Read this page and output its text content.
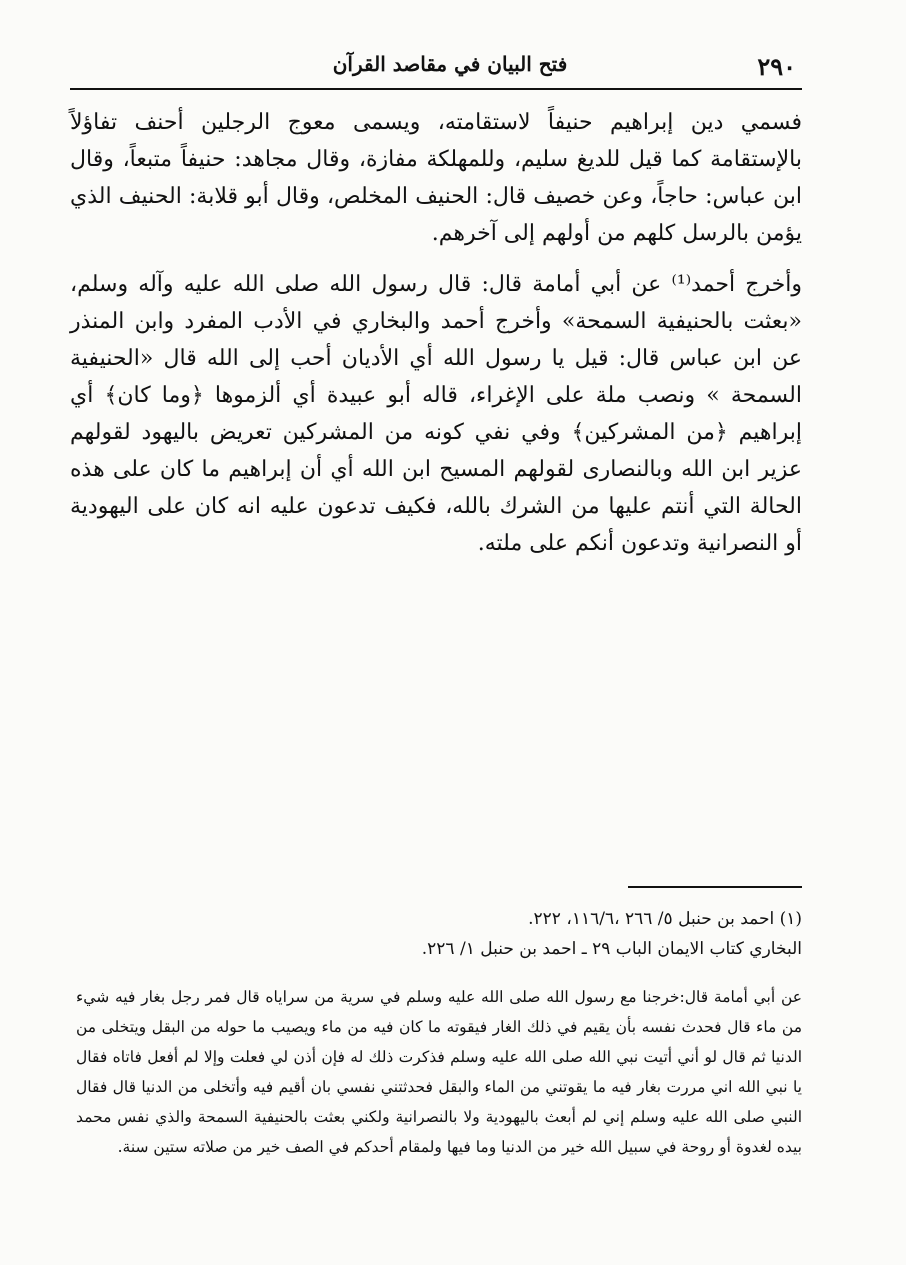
٢٩٠
فتح البيان في مقاصد القرآن

فسمي دين إبراهيم حنيفاً لاستقامته، ويسمى معوج الرجلين أحنف تفاؤلاً بالإستقامة كما قيل للديغ سليم، وللمهلكة مفازة، وقال مجاهد: حنيفاً متبعاً، وقال ابن عباس: حاجاً، وعن خصيف قال: الحنيف المخلص، وقال أبو قلابة: الحنيف الذي يؤمن بالرسل كلهم من أولهم إلى آخرهم.

وأخرج أحمد⁽¹⁾ عن أبي أمامة قال: قال رسول الله صلى الله عليه وآله وسلم، «بعثت بالحنيفية السمحة» وأخرج أحمد والبخاري في الأدب المفرد وابن المنذر عن ابن عباس قال: قيل يا رسول الله أي الأديان أحب إلى الله قال «الحنيفية السمحة » ونصب ملة على الإغراء، قاله أبو عبيدة أي ألزموها ﴿وما كان﴾ أي إبراهيم ﴿من المشركين﴾ وفي نفي كونه من المشركين تعريض باليهود لقولهم عزير ابن الله وبالنصارى لقولهم المسيح ابن الله أي أن إبراهيم ما كان على هذه الحالة التي أنتم عليها من الشرك بالله، فكيف تدعون عليه انه كان على اليهودية أو النصرانية وتدعون أنكم على ملته.

(١) احمد بن حنبل ٥/ ٢٦٦ ،١١٦/٦، ٢٢٢.

البخاري كتاب الايمان الباب ٢٩ ـ احمد بن حنبل ١/ ٢٢٦.

عن أبي أمامة قال:خرجنا مع رسول الله صلى الله عليه وسلم في سرية من سراياه قال فمر رجل بغار فيه شيء من ماء قال فحدث نفسه بأن يقيم في ذلك الغار فيقوته ما كان فيه من ماء ويصيب ما حوله من البقل ويتخلى من الدنيا ثم قال لو أني أتيت نبي الله صلى الله عليه وسلم فذكرت ذلك له فإن أذن لي فعلت وإلا لم أفعل فاتاه فقال يا نبي الله اني مررت بغار فيه ما يقوتني من الماء والبقل فحدثتني نفسي بان أقيم فيه وأتخلى من الدنيا قال فقال النبي صلى الله عليه وسلم إني لم أبعث باليهودية ولا بالنصرانية ولكني بعثت بالحنيفية السمحة والذي نفس محمد بيده لغدوة أو روحة في سبيل الله خير من الدنيا وما فيها ولمقام أحدكم في الصف خير من صلاته ستين سنة.
